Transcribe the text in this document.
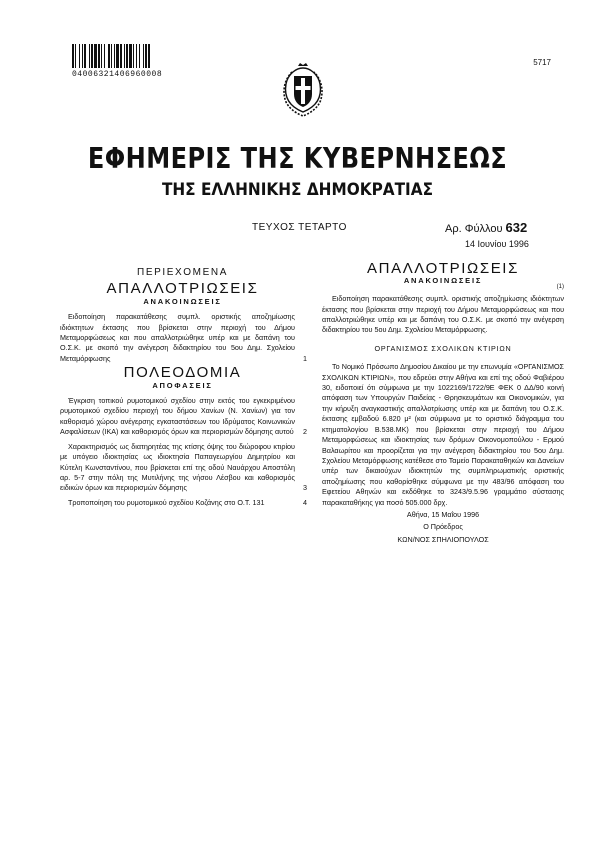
04006321406960008
5717
ΕΦΗΜΕΡΙΣ ΤΗΣ ΚΥΒΕΡΝΗΣΕΩΣ
ΤΗΣ ΕΛΛΗΝΙΚΗΣ ΔΗΜΟΚΡΑΤΙΑΣ
ΤΕΥΧΟΣ ΤΕΤΑΡΤΟ	Αρ. Φύλλου 632
14 Ιουνίου 1996
ΠΕΡΙΕΧΟΜΕΝΑ
ΑΠΑΛΛΟΤΡΙΩΣΕΙΣ
ΑΝΑΚΟΙΝΩΣΕΙΣ
Ειδοποίηση παρακατάθεσης συμπλ. οριστικής αποζημίωσης ιδιόκτητων έκτασης που βρίσκεται στην περιοχή του Δήμου Μεταμορφώσεως και που απαλλοτριώθηκε υπέρ και με δαπάνη του Ο.Σ.Κ. με σκοπό την ανέγερση διδακτηρίου του 5ου Δημ. Σχολείου Μεταμόρφωσης	1
ΠΟΛΕΟΔΟΜΙΑ
ΑΠΟΦΑΣΕΙΣ
Έγκριση τοπικού ρυμοτομικού σχεδίου στην εκτός του εγκεκριμένου ρυμοτομικού σχεδίου περιοχή του δήμου Χανίων (Ν. Χανίων) για τον καθορισμό χώρου ανέγερσης εγκαταστάσεων του Ιδρύματος Κοινωνικών Ασφαλίσεων (ΙΚΑ) και καθορισμός όρων και περιορισμών δόμησης αυτού	2
Χαρακτηρισμός ως διατηρητέας της κτίσης όψης του διώροφου κτιρίου με υπόγειο ιδιοκτησίας ως ιδιοκτησία Παπαγεωργίου Δημητρίου και Κύτελη Κωνσταντίνου, που βρίσκεται επί της οδού Ναυάρχου Αποστόλη αρ. 5-7 στην πόλη της Μυτιλήνης της νήσου Λέσβου και καθορισμός ειδικών όρων και περιορισμών δόμησης	3
Τροποποίηση του ρυμοτομικού σχεδίου Κοζάνης στο Ο.Τ. 131	4
ΑΠΑΛΛΟΤΡΙΩΣΕΙΣ
ΑΝΑΚΟΙΝΩΣΕΙΣ
(1)
Ειδοποίηση παρακατάθεσης συμπλ. οριστικής αποζημίωσης ιδιόκτητων έκτασης που βρίσκεται στην περιοχή του Δήμου Μεταμορφώσεως και που απαλλοτριώθηκε υπέρ και με δαπάνη του Ο.Σ.Κ. με σκοπό την ανέγερση διδακτηρίου του 5ου Δημ. Σχολείου Μεταμόρφωσης.
ΟΡΓΑΝΙΣΜΟΣ ΣΧΟΛΙΚΩΝ ΚΤΙΡΙΩΝ
Το Νομικό Πρόσωπο Δημοσίου Δικαίου με την επωνυμία «ΟΡΓΑΝΙΣΜΟΣ ΣΧΟΛΙΚΩΝ ΚΤΙΡΙΩΝ», που εδρεύει στην Αθήνα και επί της οδού Φαβιέρου 30, ειδοποιεί ότι σύμφωνα με την 1022169/1722/9Ε ΦΕΚ 0 ΔΔ/90 κοινή απόφαση των Υπουργών Παιδείας - Θρησκευμάτων και Οικονομικών, για την κήρυξη αναγκαστικής απαλλοτρίωσης υπέρ και με δαπάνη του Ο.Σ.Κ. έκτασης εμβαδού 6.820 μ² (και σύμφωνα με το οριστικό διάγραμμα του κτηματολογίου Β.538.ΜΚ) που βρίσκεται στην περιοχή του Δήμου Μεταμορφώσεως και ιδιοκτησίας των δρόμων Οικονομοπούλου - Ερμού Βαλαωρίτου και προορίζεται για την ανέγερση διδακτηρίου του 5ου Δημ. Σχολείου Μεταμόρφωσης κατέθεσε στο Ταμείο Παρακαταθηκών και Δανείων υπέρ των δικαιούχων ιδιοκτητών της συμπληρωματικής οριστικής αποζημίωσης που καθορίσθηκε σύμφωνα με την 483/96 απόφαση του Εφετείου Αθηνών και εκδόθηκε το 3243/9.5.96 γραμμάτιο σύστασης παρακαταθήκης για ποσό 505.000 δρχ.
Αθήνα, 15 Μαΐου 1996
Ο Πρόεδρος
ΚΩΝ/ΝΟΣ ΣΠΗΛΙΟΠΟΥΛΟΣ
